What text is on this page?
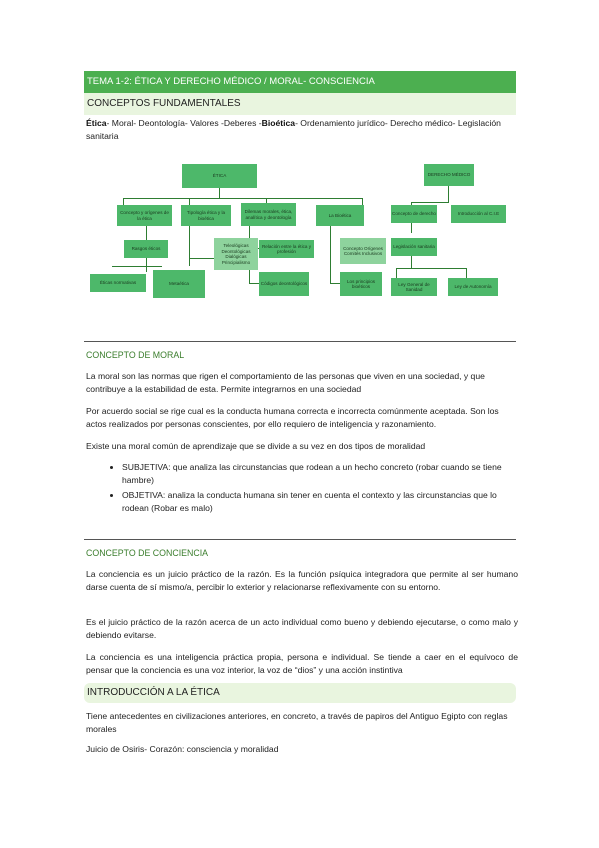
TEMA 1-2: ÉTICA Y DERECHO MÉDICO / MORAL- CONSCIENCIA
CONCEPTOS FUNDAMENTALES
Ética- Moral- Deontología- Valores -Deberes -Bioética- Ordenamiento jurídico- Derecho médico- Legislación sanitaria
ÉTICA	DERECHO MÉDICO
Concepto y orígenes de la ética
Tipología ética y la bioética
Dilemas morales, ética, analítica y deontología	La Bioética	Concepto de derecho	Introducción al C.I.E
Rasgos éticos
Teleológicas Deontológicas Dialógicas Principialismo
Relación entre la ética y profesión
Concepto Orígenes Comités Inclusivos
Legislación sanitaria
Éticas normativas	Metaética	Códigos deontológicos
Los principios bioéticos	Ley General de Sanidad
Ley de Autonomía
CONCEPTO DE MORAL
La moral son las normas que rigen el comportamiento de las personas que viven en una sociedad, y que contribuye a la estabilidad de esta. Permite integrarnos en una sociedad
Por acuerdo social se rige cual es la conducta humana correcta e incorrecta comúnmente aceptada. Son los actos realizados por personas conscientes, por ello requiero de inteligencia y razonamiento.
Existe una moral común de aprendizaje que se divide a su vez en dos tipos de moralidad
• SUBJETIVA: que analiza las circunstancias que rodean a un hecho concreto (robar cuando se tiene hambre)
• OBJETIVA: analiza la conducta humana sin tener en cuenta el contexto y las circunstancias que lo rodean (Robar es malo)
CONCEPTO DE CONCIENCIA
La conciencia es un juicio práctico de la razón. Es la función psíquica integradora que permite al ser humano darse cuenta de sí mismo/a, percibir lo exterior y relacionarse reflexivamente con su entorno.
Es el juicio práctico de la razón acerca de un acto individual como bueno y debiendo ejecutarse, o como malo y debiendo evitarse.
La conciencia es una inteligencia práctica propia, persona e individual. Se tiende a caer en el equívoco de pensar que la conciencia es una voz interior, la voz de “dios” y una acción instintiva
INTRODUCCIÓN A LA ÉTICA
Tiene antecedentes en civilizaciones anteriores, en concreto, a través de papiros del Antiguo Egipto con reglas morales
Juicio de Osiris- Corazón: consciencia y moralidad
